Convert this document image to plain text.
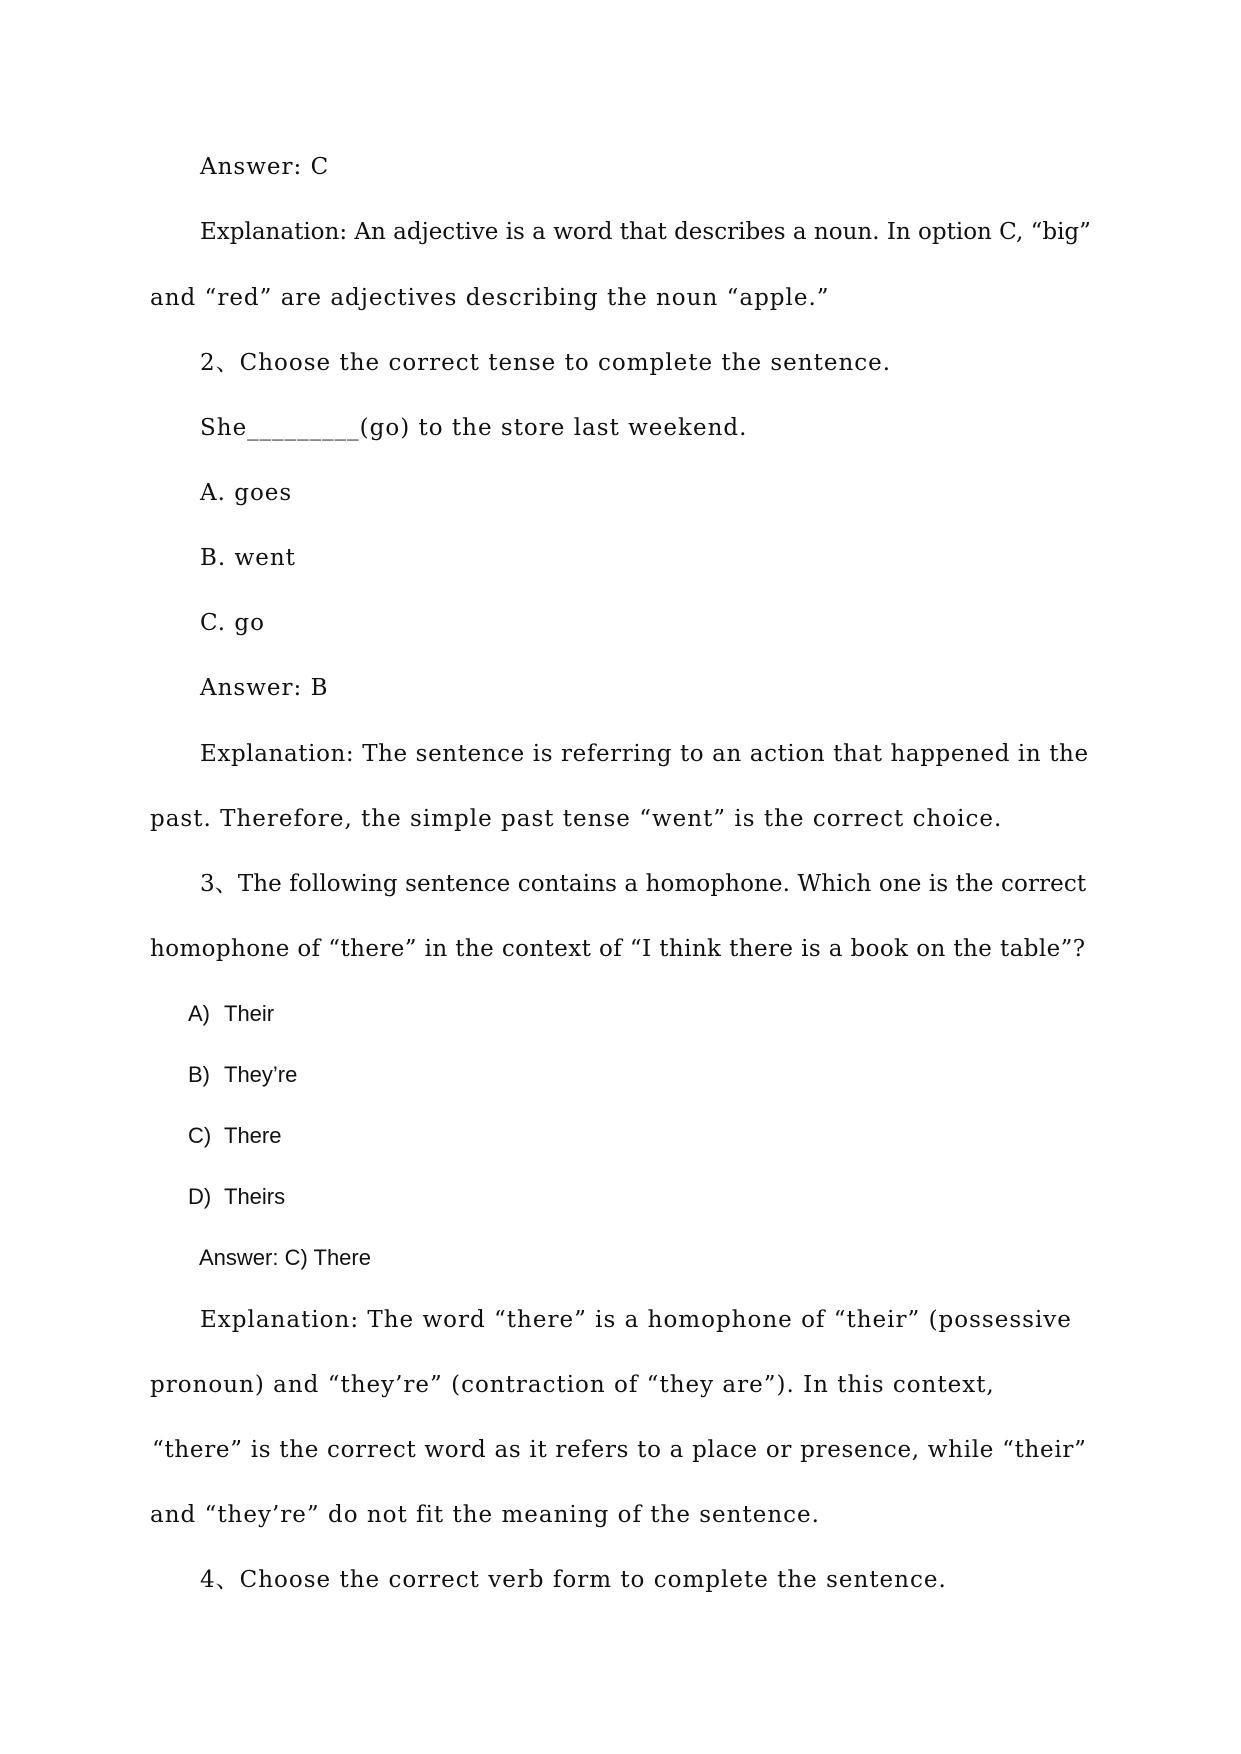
Answer: C
Explanation: An adjective is a word that describes a noun. In option C, “big”
and “red” are adjectives describing the noun “apple.”
2、Choose the correct tense to complete the sentence.
She_________(go) to the store last weekend.
A. goes
B. went
C. go
Answer: B
Explanation: The sentence is referring to an action that happened in the
past. Therefore, the simple past tense “went” is the correct choice.
3、The following sentence contains a homophone. Which one is the correct
homophone of “there” in the context of “I think there is a book on the table”?
A) Their
B) They’re
C) There
D) Theirs
Answer: C) There
Explanation: The word “there” is a homophone of “their” (possessive
pronoun) and “they’re” (contraction of “they are”). In this context,
“there” is the correct word as it refers to a place or presence, while “their”
and “they’re” do not fit the meaning of the sentence.
4、Choose the correct verb form to complete the sentence.
